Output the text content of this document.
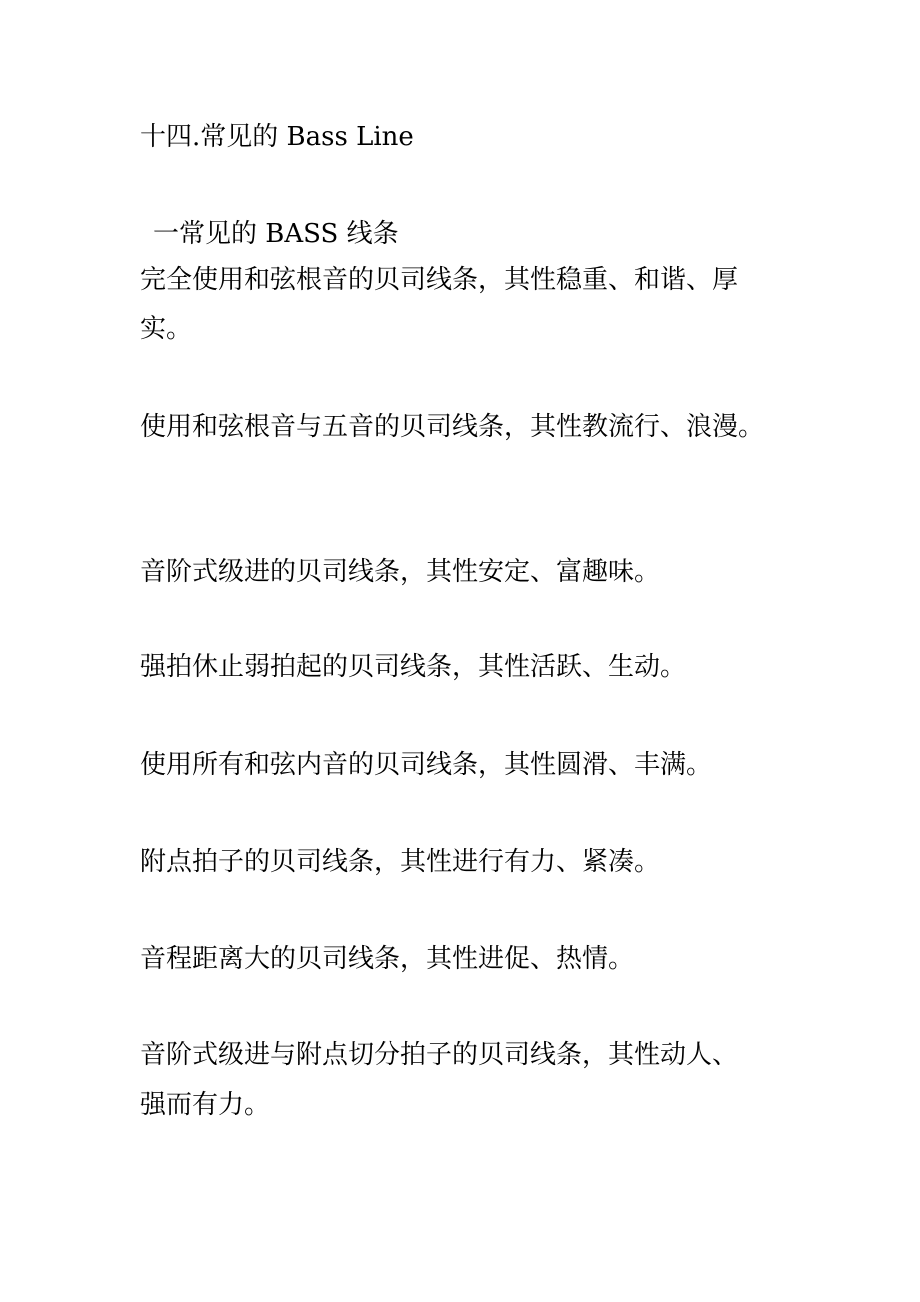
十四.常见的 Bass Line
一常见的 BASS 线条
完全使用和弦根音的贝司线条，其性稳重、和谐、厚
实。
使用和弦根音与五音的贝司线条，其性教流行、浪漫。
音阶式级进的贝司线条，其性安定、富趣味。
强拍休止弱拍起的贝司线条，其性活跃、生动。
使用所有和弦内音的贝司线条，其性圆滑、丰满。
附点拍子的贝司线条，其性进行有力、紧凑。
音程距离大的贝司线条，其性进促、热情。
音阶式级进与附点切分拍子的贝司线条，其性动人、
强而有力。
